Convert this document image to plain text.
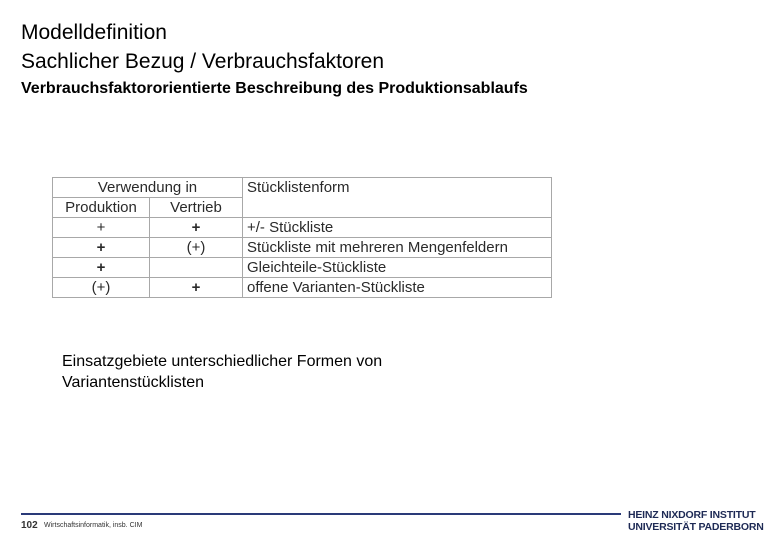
Modelldefinition
Sachlicher Bezug / Verbrauchsfaktoren
Verbrauchsfaktororientierte Beschreibung des Produktionsablaufs
Verwendung in		Stücklistenform
Produktion	Vertrieb	
+	+	+/- Stückliste
+	(+)	Stückliste mit mehreren Mengenfeldern
+		Gleichteile-Stückliste
(+)	+	offene Varianten-Stückliste
Einsatzgebiete unterschiedlicher Formen von
Variantenstücklisten
102 Wirtschaftsinformatik, insb. CIM
HEINZ NIXDORF INSTITUT
UNIVERSITÄT PADERBORN
